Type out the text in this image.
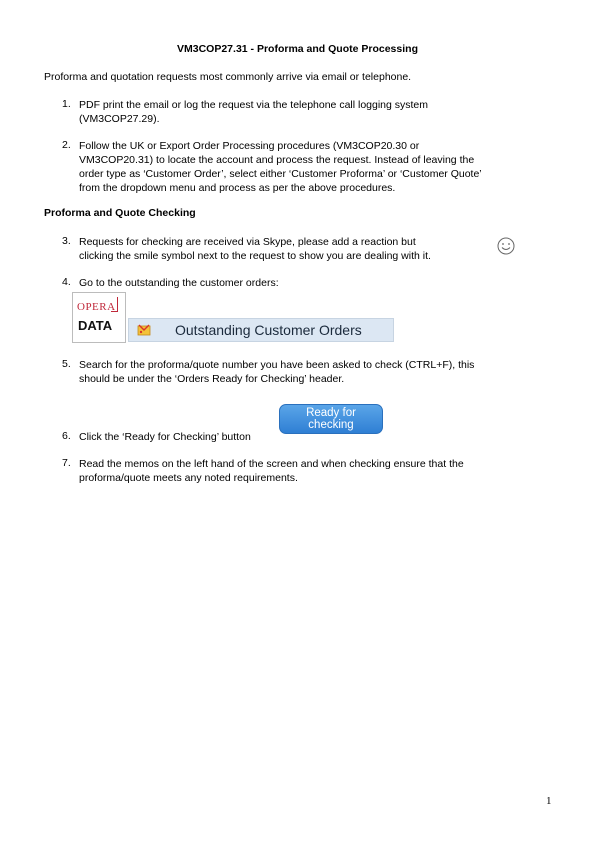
VM3COP27.31 - Proforma and Quote Processing
Proforma and quotation requests most commonly arrive via email or telephone.
1. PDF print the email or log the request via the telephone call logging system
(VM3COP27.29).
2. Follow the UK or Export Order Processing procedures (VM3COP20.30 or
VM3COP20.31) to locate the account and process the request. Instead of leaving the
order type as ‘Customer Order’, select either ‘Customer Proforma’ or ‘Customer Quote’
from the dropdown menu and process as per the above procedures.
Proforma and Quote Checking
3. Requests for checking are received via Skype, please add a reaction but
clicking the smile symbol next to the request to show you are dealing with it.
4. Go to the outstanding the customer orders:
OPERA
DATA	Outstanding Customer Orders
5. Search for the proforma/quote number you have been asked to check (CTRL+F), this
should be under the ‘Orders Ready for Checking’ header.
Ready for
checking
6. Click the ‘Ready for Checking’ button
7. Read the memos on the left hand of the screen and when checking ensure that the
proforma/quote meets any noted requirements.
1
